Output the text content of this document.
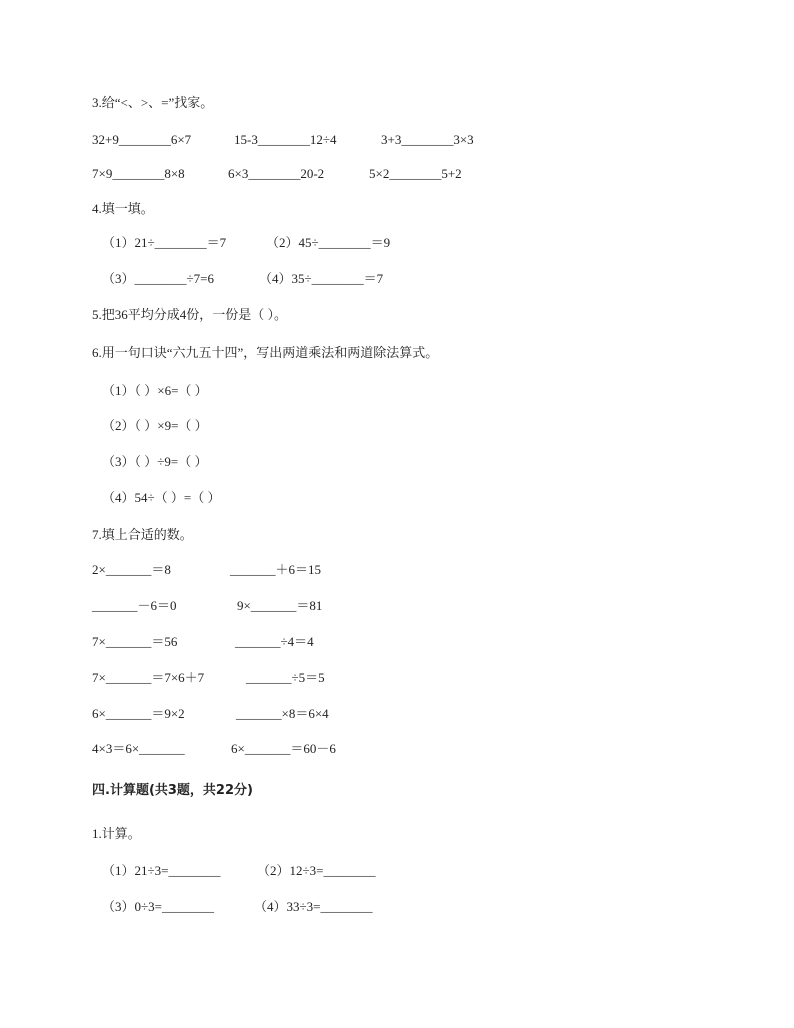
3.给“<、>、=”找家。
32+9________6×7	15-3________12÷4	3+3________3×3
7×9________8×8	6×3________20-2	5×2________5+2
4.填一填。
（1）21÷________＝7	（2）45÷________＝9
（3）________÷7=6	（4）35÷________＝7
5.把36平均分成4份，一份是（ ）。
6.用一句口诀“六九五十四”，写出两道乘法和两道除法算式。
（1）（ ）×6=（ ）
（2）（ ）×9=（ ）
（3）（ ）÷9=（ ）
（4）54÷（ ）=（ ）
7.填上合适的数。
2×_______＝8	_______＋6＝15
_______－6＝0	9×_______＝81
7×_______＝56	_______÷4＝4
7×_______＝7×6＋7	_______÷5＝5
6×_______＝9×2	_______×8＝6×4
4×3＝6×_______	6×_______＝60－6
四.计算题(共3题，共22分)
1.计算。
（1）21÷3=________	（2）12÷3=________
（3）0÷3=________	（4）33÷3=________
